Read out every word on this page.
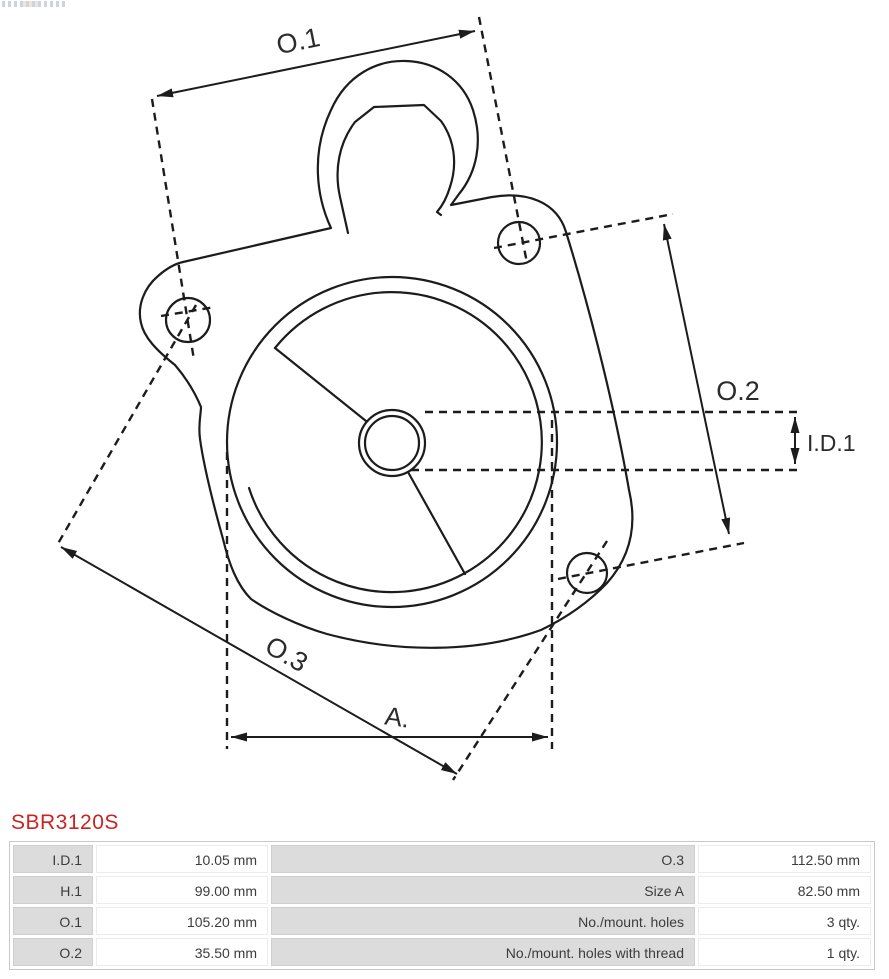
O.1
O.2
I.D.1
O.3
A.
SBR3120S
I.D.1	10.05 mm	O.3	112.50 mm
H.1	99.00 mm	Size A	82.50 mm
O.1	105.20 mm	No./mount. holes	3 qty.
O.2	35.50 mm	No./mount. holes with thread	1 qty.
